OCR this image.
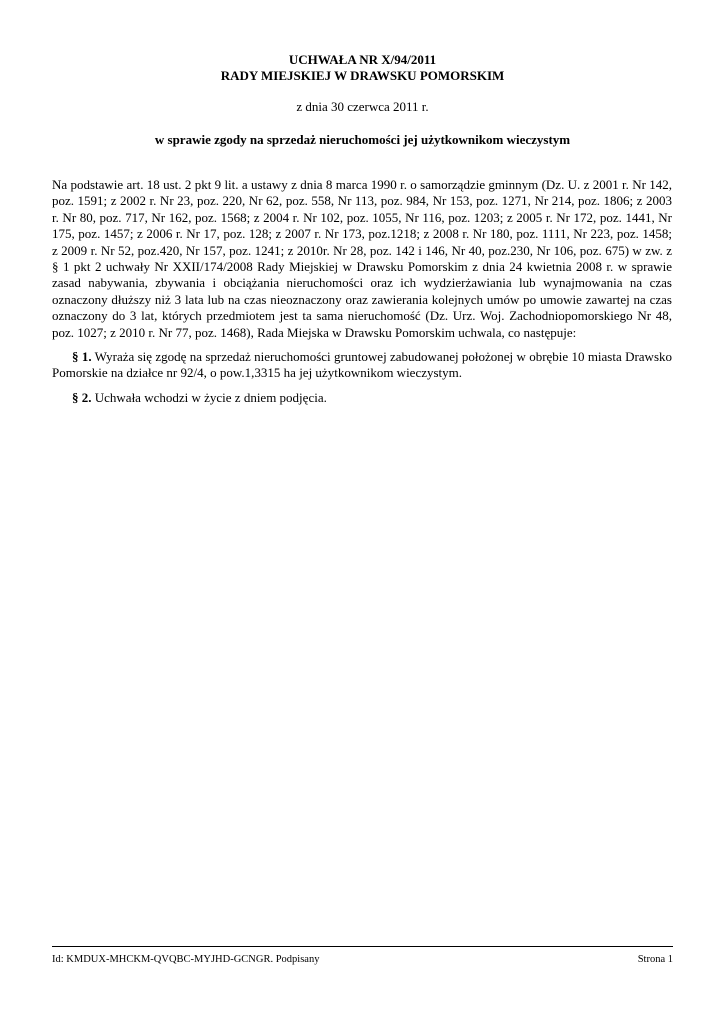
UCHWAŁA NR X/94/2011
RADY MIEJSKIEJ W DRAWSKU POMORSKIM
z dnia 30 czerwca 2011 r.
w sprawie zgody na sprzedaż nieruchomości jej użytkownikom wieczystym

Na podstawie art. 18 ust. 2 pkt 9 lit. a ustawy z dnia 8 marca 1990 r. o samorządzie gminnym (Dz. U. z 2001 r. Nr 142, poz. 1591; z 2002 r. Nr 23, poz. 220, Nr 62, poz. 558, Nr 113, poz. 984, Nr 153, poz. 1271, Nr 214, poz. 1806; z 2003 r. Nr 80, poz. 717, Nr 162, poz. 1568; z 2004 r. Nr 102, poz. 1055, Nr 116, poz. 1203; z 2005 r. Nr 172, poz. 1441, Nr 175, poz. 1457; z 2006 r. Nr 17, poz. 128; z 2007 r. Nr 173, poz.1218; z 2008 r. Nr 180, poz. 1111, Nr 223, poz. 1458; z 2009 r. Nr 52, poz.420, Nr 157, poz. 1241; z 2010r. Nr 28, poz. 142 i 146, Nr 40, poz.230, Nr 106, poz. 675) w zw. z § 1 pkt 2 uchwały Nr XXII/174/2008 Rady Miejskiej w Drawsku Pomorskim z dnia 24 kwietnia 2008 r. w sprawie zasad nabywania, zbywania i obciążania nieruchomości oraz ich wydzierżawiania lub wynajmowania na czas oznaczony dłuższy niż 3 lata lub na czas nieoznaczony oraz zawierania kolejnych umów po umowie zawartej na czas oznaczony do 3 lat, których przedmiotem jest ta sama nieruchomość (Dz. Urz. Woj. Zachodniopomorskiego Nr 48, poz. 1027; z 2010 r. Nr 77, poz. 1468), Rada Miejska w Drawsku Pomorskim uchwala, co następuje:

§ 1. Wyraża się zgodę na sprzedaż nieruchomości gruntowej zabudowanej położonej w obrębie 10 miasta Drawsko Pomorskie na działce nr 92/4, o pow.1,3315 ha jej użytkownikom wieczystym.

§ 2. Uchwała wchodzi w życie z dniem podjęcia.

Id: KMDUX-MHCKM-QVQBC-MYJHD-GCNGR. Podpisany	Strona 1
